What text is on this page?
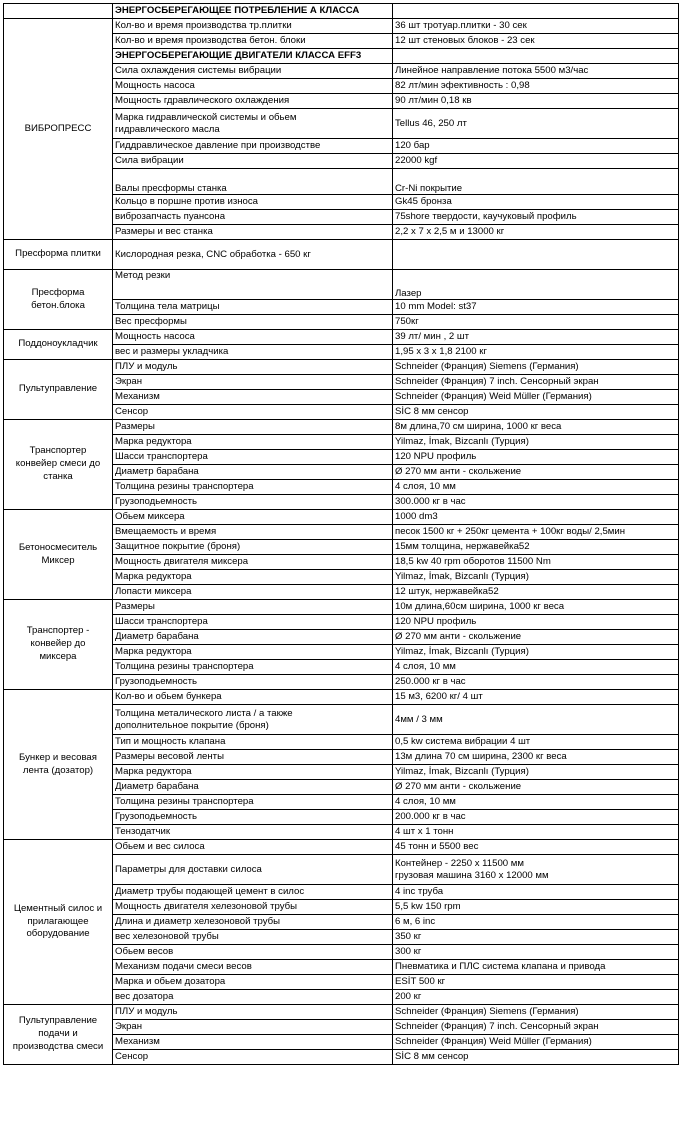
	ЭНЕРГОСБЕРЕГАЮЩЕЕ ПОТРЕБЛЕНИЕ А КЛАССА	
ВИБРОПРЕСС	Кол-во и время производства тр.плитки	36 шт тротуар.плитки - 30 сек
	Кол-во и время производства бетон. блоки	12 шт стеновых блоков - 23 сек
	ЭНЕРГОСБЕРЕГАЮЩИЕ ДВИГАТЕЛИ КЛАССА EFF3	
	Сила охлаждения системы вибрации	Линейное направление потока 5500 м3/час
	Мощность насоса	82 лт/мин эфективность : 0,98
	Мощность гдравлического охлаждения	90 лт/мин 0,18 кв
	Марка гидравлической системы и обьем
гидравлического масла	Tellus 46, 250 лт
	Гиддравлическое давление при производстве	120 бар
	Сила вибрации	22000 kgf
	Валы пресформы станка	Cr-Ni покрытие
	Кольцо в поршне против износа	Gk45 бронза
	виброзапчасть пуансона	75shore твердости, каучуковый профиль
	Размеры и вес станка	2,2 х 7 х 2,5 м и 13000 кг
Пресформа плитки	Кислородная резка, CNC обработка - 650 кг	
Пресформа
бетон.блока	Метод резки	Лазер
	Толщина тела матрицы	10 mm Model: st37
	Вес пресформы	750кг
Поддоноукладчик	Мощность насоса	39 лт/ мин , 2 шт
	вес и размеры укладчика	1,95 х 3 х 1,8 2100 кг
Пультуправление	ПЛУ и модуль	Schneider (Франция) Siemens (Германия)
	Экран	Schneider (Франция) 7 inch. Сенсорный экран
	Механизм	Schneider (Франция) Weid Müller (Германия)
	Сенсор	SİC 8 мм сенсор
Транспортер
конвейер смеси до
станка	Размеры	8м длина,70 см ширина, 1000 кг веса
	Марка редуктора	Yilmaz, İmak, Bizcanlı (Турция)
	Шасси транспортера	120 NPU профиль
	Диаметр барабана	Ø 270 мм анти - скольжение
	Толщина резины транспортера	4 слоя, 10 мм
	Грузоподьемность	300.000 кг в час
Бетоносмеситель
Миксер	Обьем миксера	1000 dm3
	Вмещаемость и время	песок 1500 кг + 250кг цемента + 100кг воды/ 2,5мин
	Защитное покрытие (броня)	15мм толщина, нержавейка52
	Мощность двигателя миксера	18,5 kw 40 rpm оборотов 11500 Nm
	Марка редуктора	Yilmaz, İmak, Bizcanlı (Турция)
	Лопасти миксера	12 штук, нержавейка52
Транспортер -
конвейер до
миксера	Размеры	10м длина,60см ширина, 1000 кг веса
	Шасси транспортера	120 NPU профиль
	Диаметр барабана	Ø 270 мм анти - скольжение
	Марка редуктора	Yilmaz, İmak, Bizcanlı (Турция)
	Толщина резины транспортера	4 слоя, 10 мм
	Грузоподьемность	250.000 кг в час
Бункер и весовая
лента (дозатор)	Кол-во и обьем бункера	15 м3, 6200 кг/ 4 шт
	Толщина металического листа / а также
дополнительное покрытие (броня)	4мм / 3 мм
	Тип и мощность клапана	0,5 kw система вибрации 4 шт
	Размеры весовой ленты	13м длина 70 см ширина, 2300 кг веса
	Марка редуктора	Yilmaz, İmak, Bizcanlı (Турция)
	Диаметр барабана	Ø 270 мм анти - скольжение
	Толщина резины транспортера	4 слоя, 10 мм
	Грузоподьемность	200.000 кг в час
	Тензодатчик	4 шт х 1 тонн
Цементный силос и
прилагающее
оборудование	Обьем и вес силоса	45 тонн и 5500 вес
	Параметры для доставки силоса	Контейнер - 2250 х 11500 мм
грузовая машина 3160 х 12000 мм
	Диаметр трубы подающей цемент в силос	4 inc труба
	Мощность двигателя хелезоновой трубы	5,5 kw 150 rpm
	Длина и диаметр хелезоновой трубы	6 м, 6 inc
	вес хелезоновой трубы	350 кг
	Обьем весов	300 кг
	Механизм подачи смеси весов	Пневматика и ПЛС система клапана и привода
	Марка и обьем дозатора	ESİT 500 кг
	вес дозатора	200 кг
Пультуправление
подачи и
производства смеси	ПЛУ и модуль	Schneider (Франция) Siemens (Германия)
	Экран	Schneider (Франция) 7 inch. Сенсорный экран
	Механизм	Schneider (Франция) Weid Müller (Германия)
	Сенсор	SİC 8 мм сенсор
